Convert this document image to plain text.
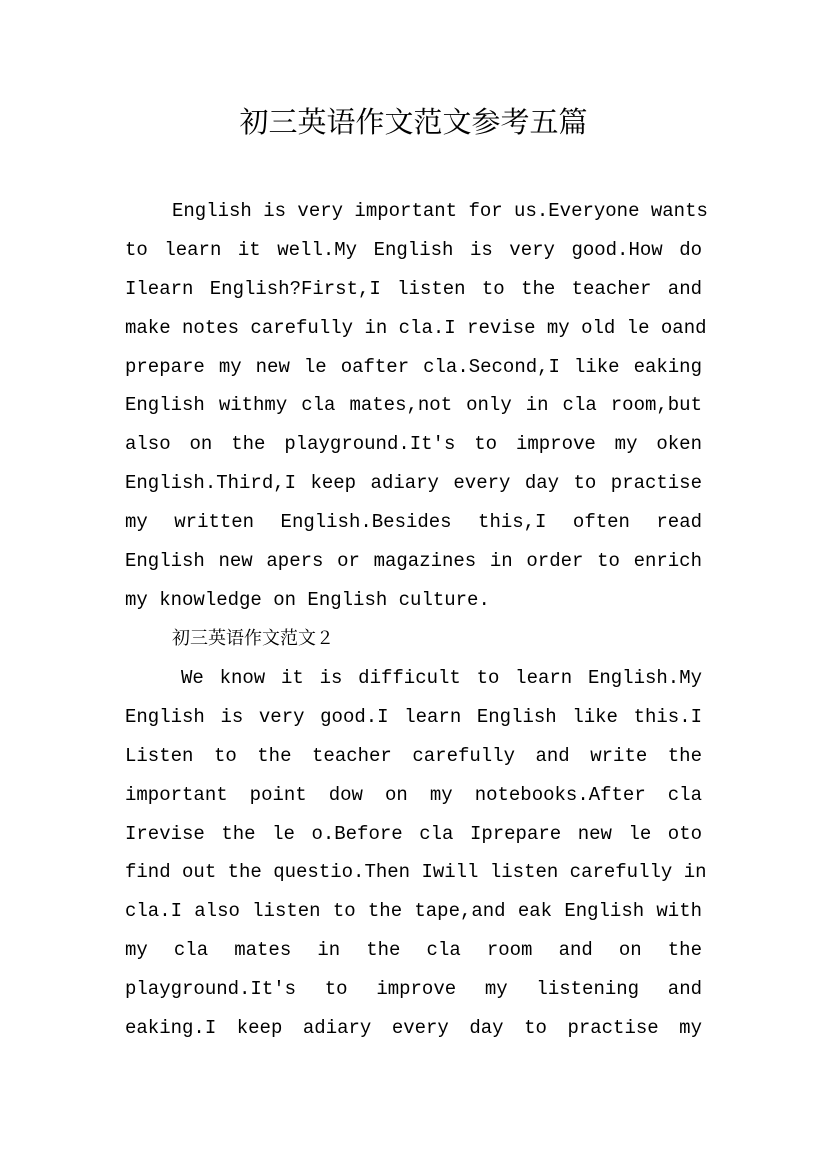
初三英语作文范文参考五篇
English is very important for us.Everyone wants
to learn it well.My English is very good.How do
Ilearn English?First,I listen to the teacher and
make notes carefully in cla.I revise my old le oand
prepare my new le oafter cla.Second,I like eaking
English withmy cla mates,not only in cla room,but
also on the playground.It's to improve my oken
English.Third,I keep adiary every day to practise
my written English.Besides this,I often read
English new apers or magazines in order to enrich
my knowledge on English culture.
初三英语作文范文２
We know it is difficult to learn English.My
English is very good.I learn English like this.I
Listen to the teacher carefully and write the
important point dow on my notebooks.After cla
Irevise the le o.Before cla Iprepare new le oto
find out the questio.Then Iwill listen carefully in
cla.I also listen to the tape,and eak English with
my cla mates in the cla room and on the
playground.It's to improve my listening and
eaking.I keep adiary every day to practise my
